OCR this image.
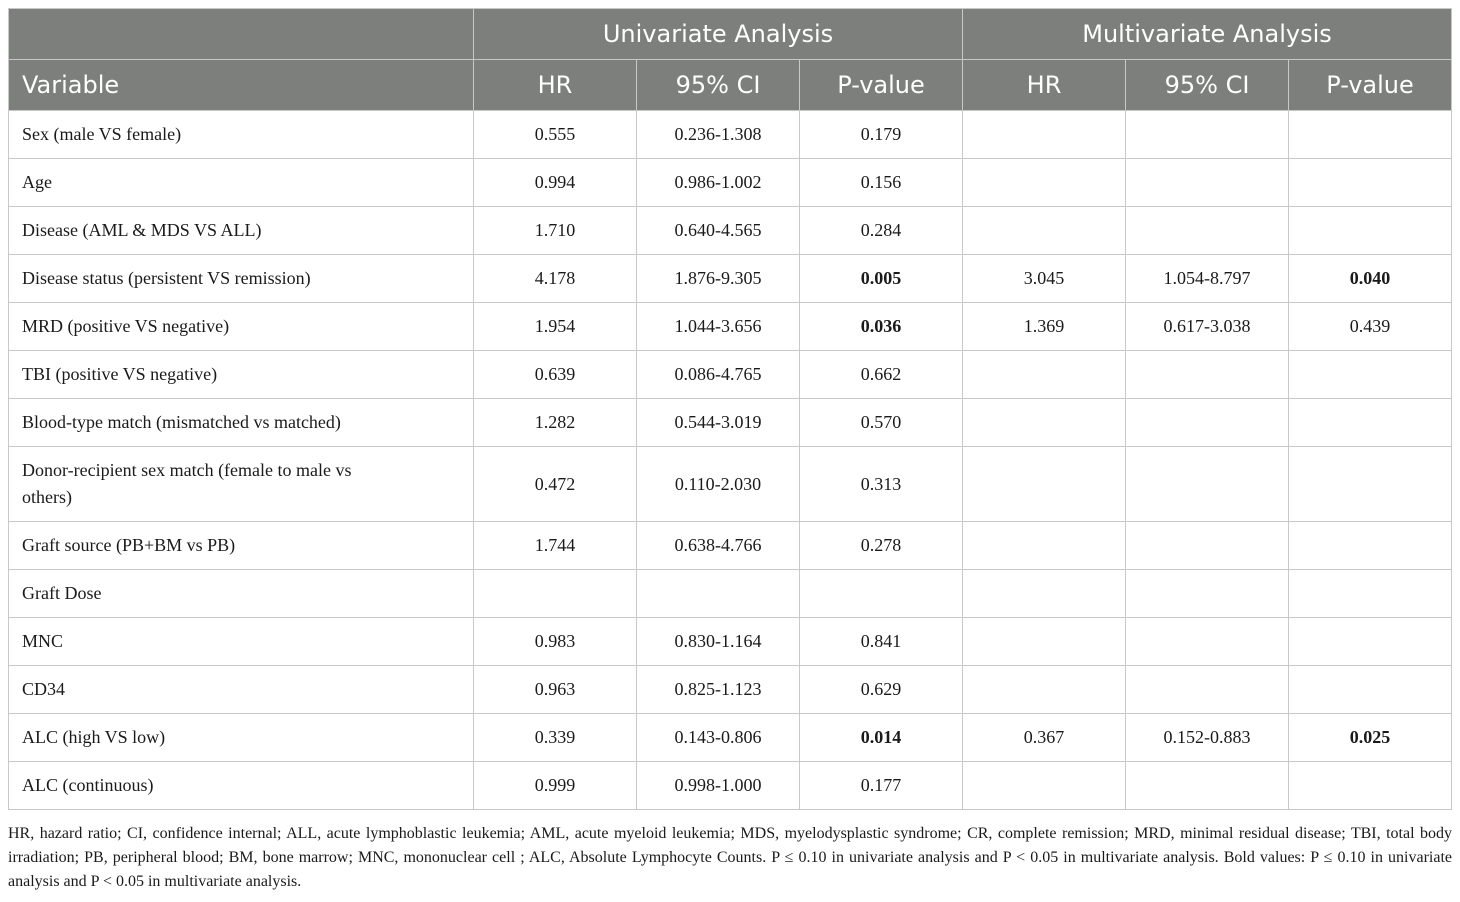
	Univariate Analysis			Multivariate Analysis		
Variable	HR	95% CI	P-value	HR	95% CI	P-value
Sex (male VS female)	0.555	0.236-1.308	0.179			
Age	0.994	0.986-1.002	0.156			
Disease (AML & MDS VS ALL)	1.710	0.640-4.565	0.284			
Disease status (persistent VS remission)	4.178	1.876-9.305	0.005	3.045	1.054-8.797	0.040
MRD (positive VS negative)	1.954	1.044-3.656	0.036	1.369	0.617-3.038	0.439
TBI (positive VS negative)	0.639	0.086-4.765	0.662			
Blood-type match (mismatched vs matched)	1.282	0.544-3.019	0.570			
Donor-recipient sex match (female to male vs others)	0.472	0.110-2.030	0.313			
Graft source (PB+BM vs PB)	1.744	0.638-4.766	0.278			
Graft Dose						
MNC	0.983	0.830-1.164	0.841			
CD34	0.963	0.825-1.123	0.629			
ALC (high VS low)	0.339	0.143-0.806	0.014	0.367	0.152-0.883	0.025
ALC (continuous)	0.999	0.998-1.000	0.177			
HR, hazard ratio; CI, confidence internal; ALL, acute lymphoblastic leukemia; AML, acute myeloid leukemia; MDS, myelodysplastic syndrome; CR, complete remission; MRD, minimal residual disease; TBI, total body irradiation; PB, peripheral blood; BM, bone marrow; MNC, mononuclear cell ; ALC, Absolute Lymphocyte Counts. P ≤ 0.10 in univariate analysis and P < 0.05 in multivariate analysis. Bold values: P ≤ 0.10 in univariate analysis and P < 0.05 in multivariate analysis.
